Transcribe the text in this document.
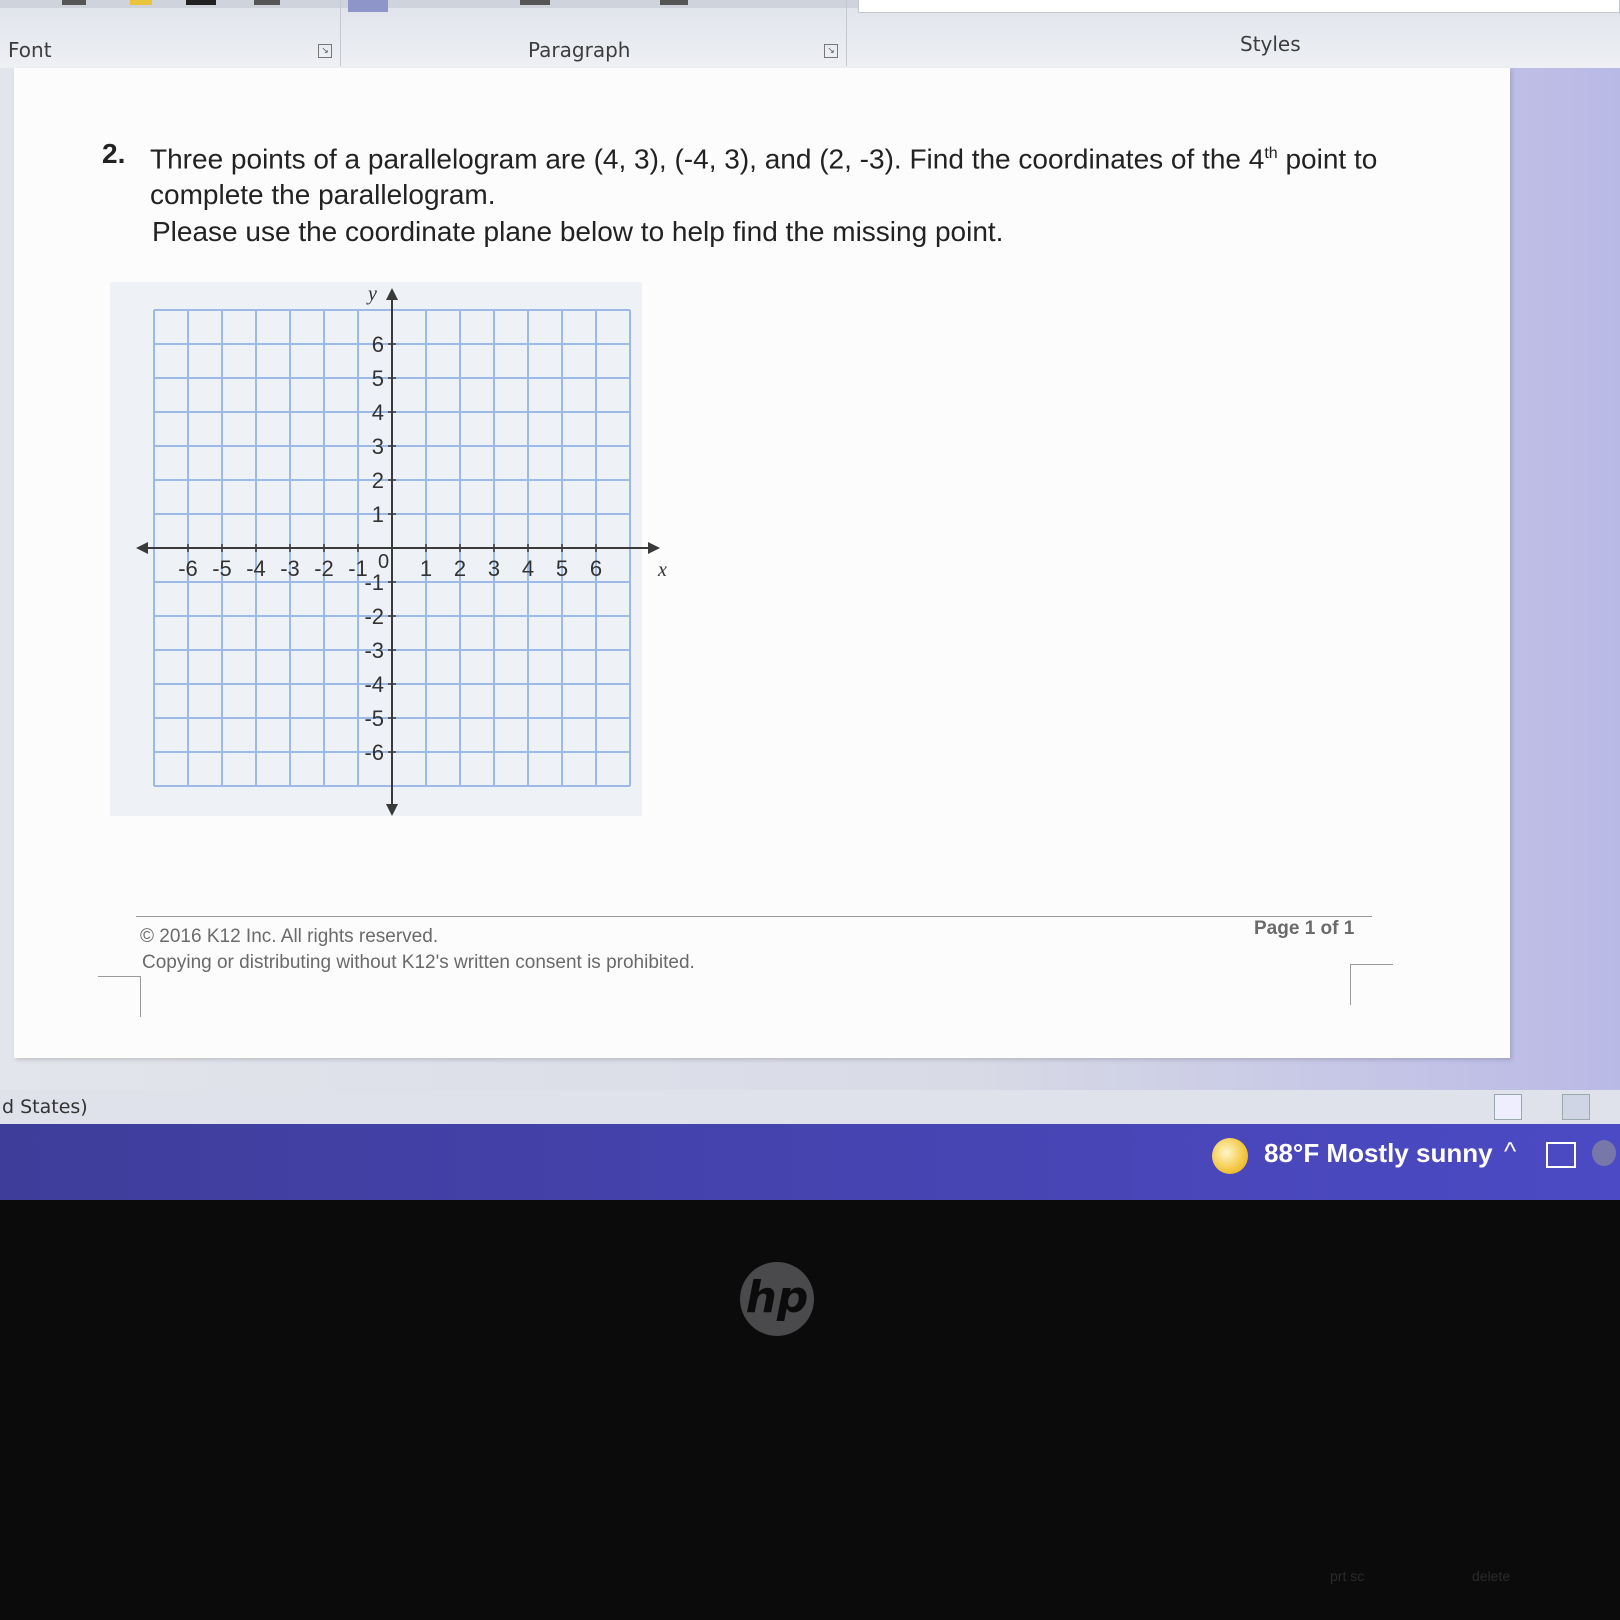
Font	↘	Paragraph	↘	Styles
2. Three points of a parallelogram are (4, 3), (-4, 3), and (2, -3). Find the coordinates of the 4th point to complete the parallelogram.
Please use the coordinate plane below to help find the missing point.
-6 -5 -4 -3 -2 -1 1 2 3 4 5 6
6
5
4
3
2
1
-1
-2
-3
-4
-5
-6
0	x
y
© 2016 K12 Inc. All rights reserved.
Copying or distributing without K12's written consent is prohibited.
Page 1 of 1
d States)
88°F Mostly sunny ^
hp
prt sc	delete
